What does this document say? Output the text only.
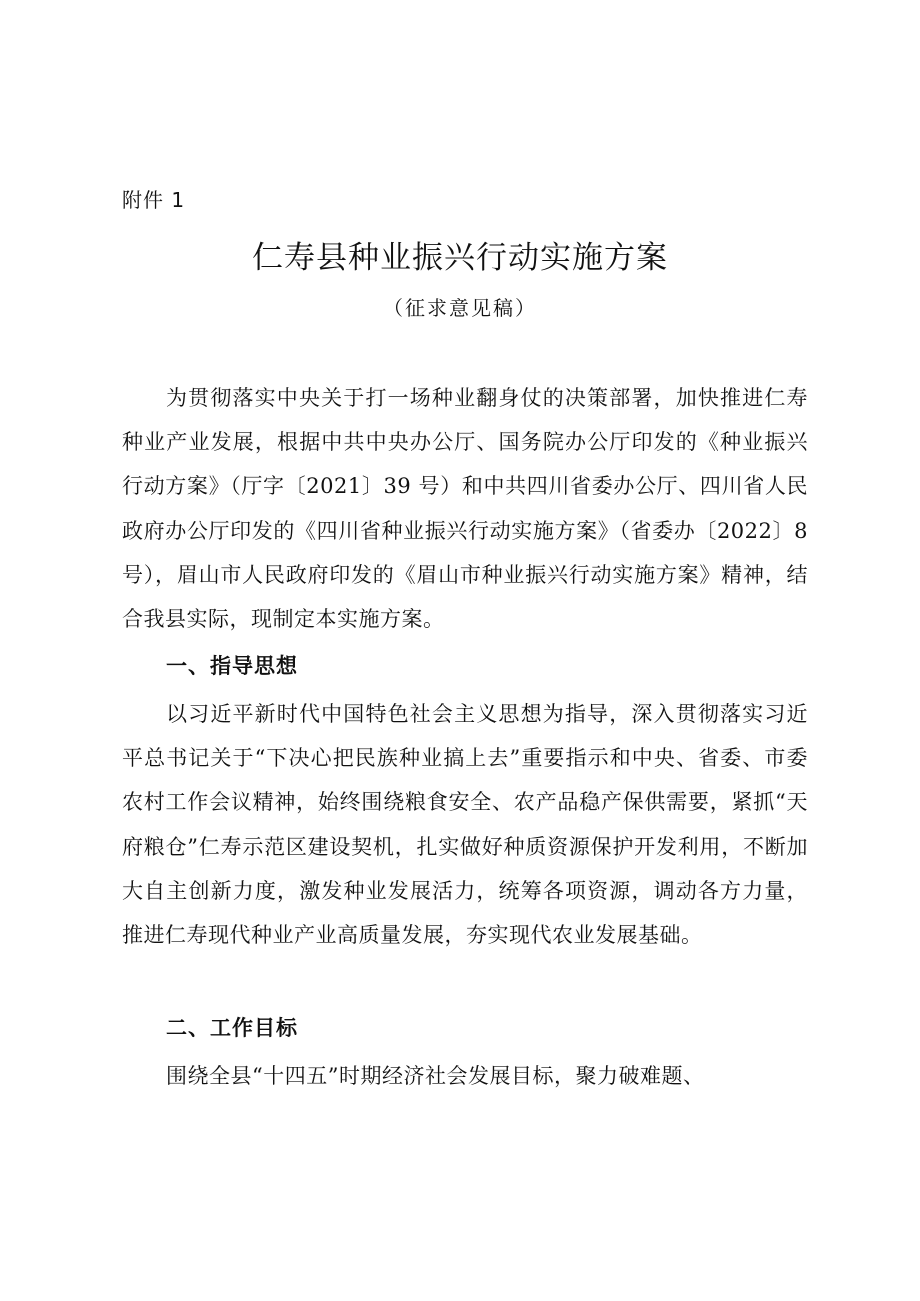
附件 1
仁寿县种业振兴行动实施方案
（征求意见稿）

为贯彻落实中央关于打一场种业翻身仗的决策部署，加快推进仁寿种业产业发展，根据中共中央办公厅、国务院办公厅印发的《种业振兴行动方案》（厅字〔2021〕39 号）和中共四川省委办公厅、四川省人民政府办公厅印发的《四川省种业振兴行动实施方案》（省委办〔2022〕8 号），眉山市人民政府印发的《眉山市种业振兴行动实施方案》精神，结合我县实际，现制定本实施方案。

一、指导思想

以习近平新时代中国特色社会主义思想为指导，深入贯彻落实习近平总书记关于“下决心把民族种业搞上去”重要指示和中央、省委、市委农村工作会议精神，始终围绕粮食安全、农产品稳产保供需要，紧抓“天府粮仓”仁寿示范区建设契机，扎实做好种质资源保护开发利用，不断加大自主创新力度，激发种业发展活力，统筹各项资源，调动各方力量，推进仁寿现代种业产业高质量发展，夯实现代农业发展基础。

二、工作目标

围绕全县“十四五”时期经济社会发展目标，聚力破难题、
